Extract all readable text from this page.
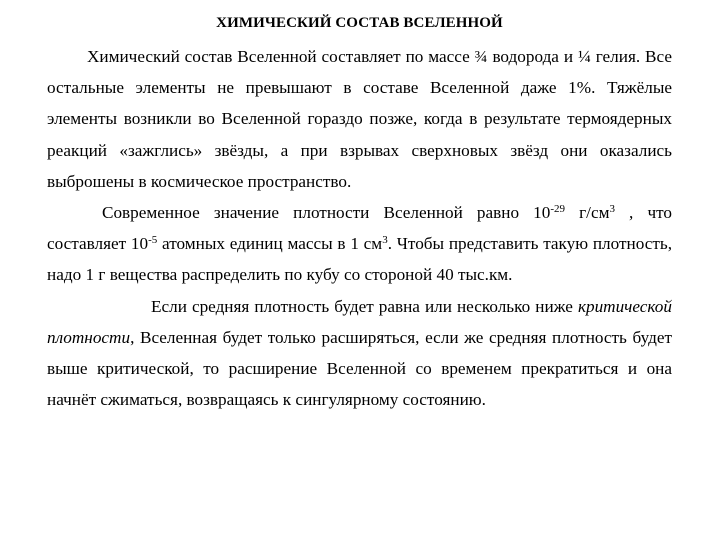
ХИМИЧЕСКИЙ СОСТАВ ВСЕЛЕННОЙ

Химический состав Вселенной составляет по массе ¾ водорода и ¼ гелия. Все остальные элементы не превышают в составе Вселенной даже 1%. Тяжёлые элементы возникли во Вселенной гораздо позже, когда в результате термоядерных реакций «зажглись» звёзды, а при взрывах сверхновых звёзд они оказались выброшены в космическое пространство.

Современное значение плотности Вселенной равно $10^{-29}$ $г/см^3$ , что составляет $10^{-5}$ атомных единиц массы в 1 $см^3$. Чтобы представить такую плотность, надо 1 г вещества распределить по кубу со стороной 40 тыс.км.

Если средняя плотность будет равна или несколько ниже критической плотности, Вселенная будет только расширяться, если же средняя плотность будет выше критической, то расширение Вселенной со временем прекратиться и она начнёт сжиматься, возвращаясь к сингулярному состоянию.
